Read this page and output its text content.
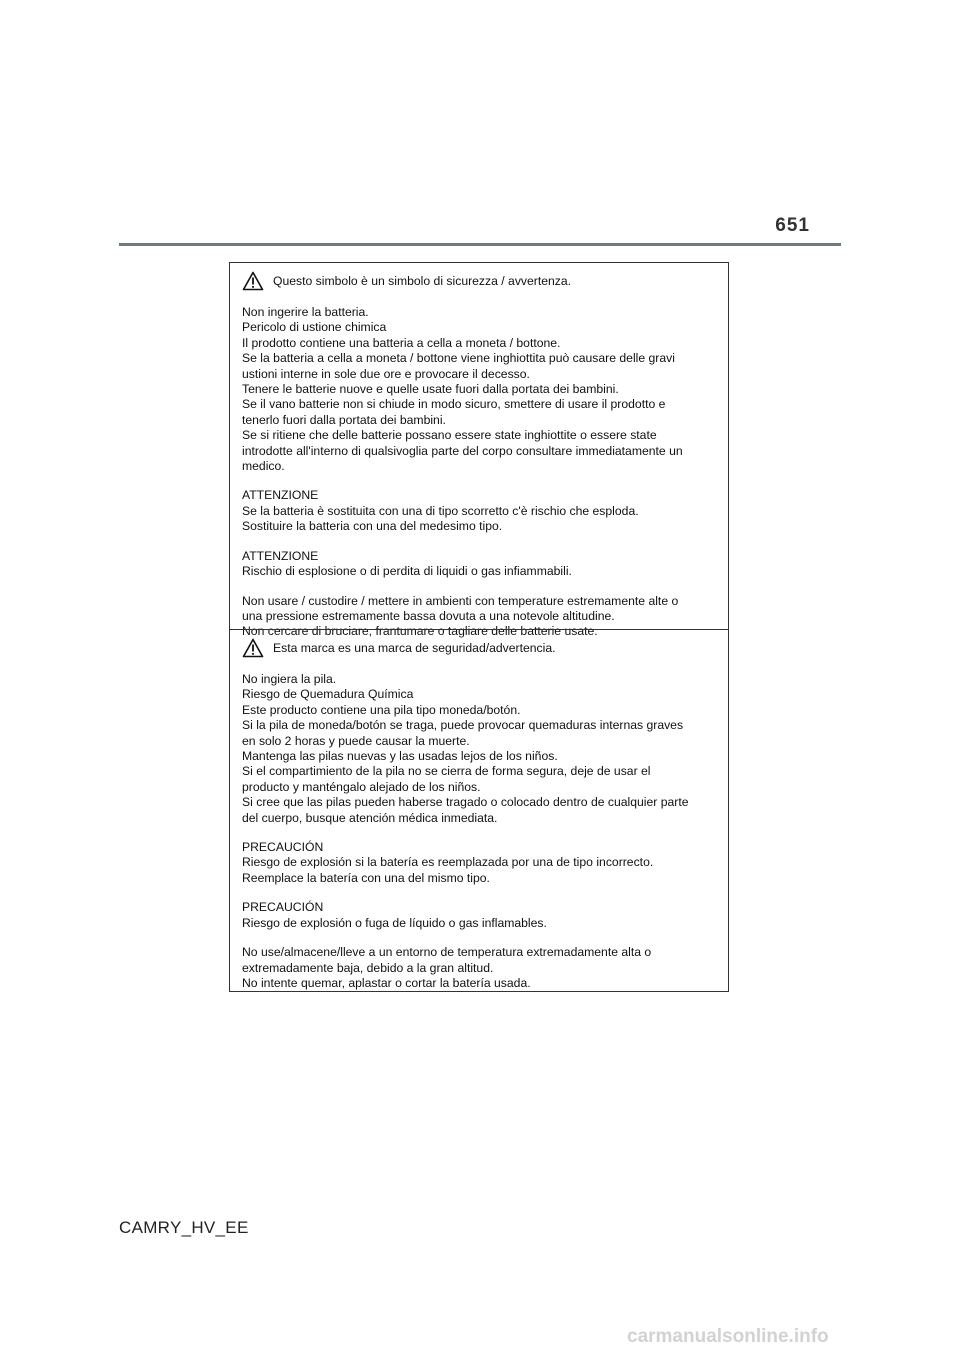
651
Questo simbolo è un simbolo di sicurezza / avvertenza.
Non ingerire la batteria.
Pericolo di ustione chimica
Il prodotto contiene una batteria a cella a moneta / bottone.
Se la batteria a cella a moneta / bottone viene inghiottita può causare delle gravi
ustioni interne in sole due ore e provocare il decesso.
Tenere le batterie nuove e quelle usate fuori dalla portata dei bambini.
Se il vano batterie non si chiude in modo sicuro, smettere di usare il prodotto e
tenerlo fuori dalla portata dei bambini.
Se si ritiene che delle batterie possano essere state inghiottite o essere state
introdotte all'interno di qualsivoglia parte del corpo consultare immediatamente un
medico.
ATTENZIONE
Se la batteria è sostituita con una di tipo scorretto c'è rischio che esploda.
Sostituire la batteria con una del medesimo tipo.
ATTENZIONE
Rischio di esplosione o di perdita di liquidi o gas infiammabili.
Non usare / custodire / mettere in ambienti con temperature estremamente alte o
una pressione estremamente bassa dovuta a una notevole altitudine.
Non cercare di bruciare, frantumare o tagliare delle batterie usate.
Esta marca es una marca de seguridad/advertencia.
No ingiera la pila.
Riesgo de Quemadura Química
Este producto contiene una pila tipo moneda/botón.
Si la pila de moneda/botón se traga, puede provocar quemaduras internas graves
en solo 2 horas y puede causar la muerte.
Mantenga las pilas nuevas y las usadas lejos de los niños.
Si el compartimiento de la pila no se cierra de forma segura, deje de usar el
producto y manténgalo alejado de los niños.
Si cree que las pilas pueden haberse tragado o colocado dentro de cualquier parte
del cuerpo, busque atención médica inmediata.
PRECAUCIÓN
Riesgo de explosión si la batería es reemplazada por una de tipo incorrecto.
Reemplace la batería con una del mismo tipo.
PRECAUCIÓN
Riesgo de explosión o fuga de líquido o gas inflamables.
No use/almacene/lleve a un entorno de temperatura extremadamente alta o
extremadamente baja, debido a la gran altitud.
No intente quemar, aplastar o cortar la batería usada.
CAMRY_HV_EE
carmanualsonline.info
